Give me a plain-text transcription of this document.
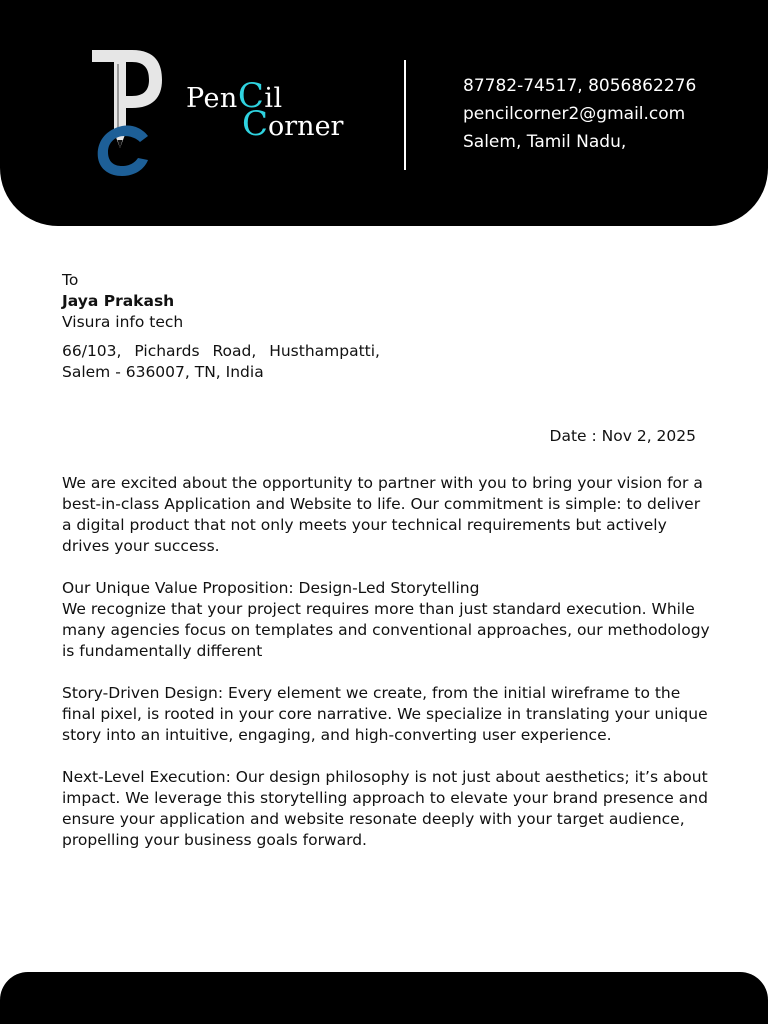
PenCil
Corner
87782-74517, 8056862276
pencilcorner2@gmail.com
Salem, Tamil Nadu,
To
Jaya Prakash
Visura info tech
66/103, Pichards Road, Husthampatti,
Salem - 636007, TN, India
Date : Nov 2, 2025

We are excited about the opportunity to partner with you to bring your vision for a best-in-class Application and Website to life. Our commitment is simple: to deliver a digital product that not only meets your technical requirements but actively drives your success.

Our Unique Value Proposition: Design-Led Storytelling
We recognize that your project requires more than just standard execution. While many agencies focus on templates and conventional approaches, our methodology is fundamentally different

Story-Driven Design: Every element we create, from the initial wireframe to the final pixel, is rooted in your core narrative. We specialize in translating your unique story into an intuitive, engaging, and high-converting user experience.

Next-Level Execution: Our design philosophy is not just about aesthetics; it’s about impact. We leverage this storytelling approach to elevate your brand presence and ensure your application and website resonate deeply with your target audience, propelling your business goals forward.
